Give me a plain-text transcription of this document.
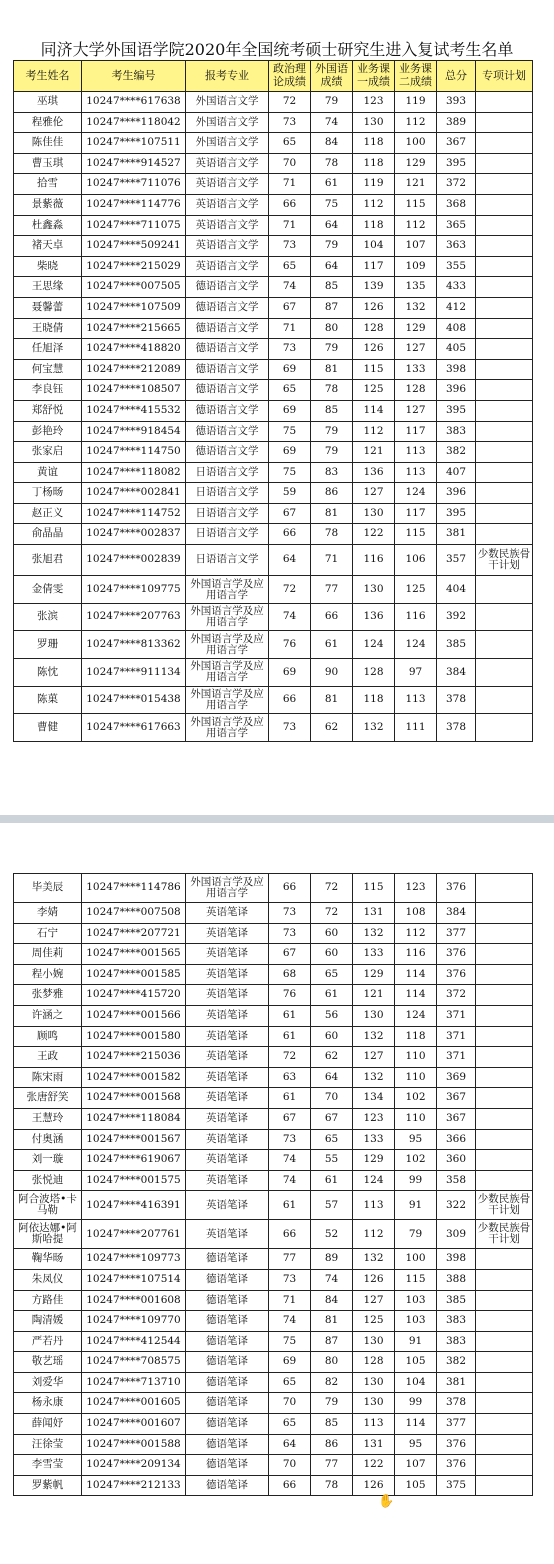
同济大学外国语学院2020年全国统考硕士研究生进入复试考生名单
考生姓名	考生编号	报考专业	政治理论成绩	外国语成绩	业务课一成绩	业务课二成绩	总分	专项计划
巫琪	10247****617638	外国语言文学	72	79	123	119	393	
程雅伦	10247****118042	外国语言文学	73	74	130	112	389	
陈佳佳	10247****107511	外国语言文学	65	84	118	100	367	
曹玉琪	10247****914527	英语语言文学	70	78	118	129	395	
拾雪	10247****711076	英语语言文学	71	61	119	121	372	
景紫薇	10247****114776	英语语言文学	66	75	112	115	368	
杜鑫淼	10247****711075	英语语言文学	71	64	118	112	365	
褚天卓	10247****509241	英语语言文学	73	79	104	107	363	
柴晓	10247****215029	英语语言文学	65	64	117	109	355	
王思缘	10247****007505	德语语言文学	74	85	139	135	433	
聂馨蕾	10247****107509	德语语言文学	67	87	126	132	412	
王晓倩	10247****215665	德语语言文学	71	80	128	129	408	
任旭泽	10247****418820	德语语言文学	73	79	126	127	405	
何宝慧	10247****212089	德语语言文学	69	81	115	133	398	
李良钰	10247****108507	德语语言文学	65	78	125	128	396	
郑舒悦	10247****415532	德语语言文学	69	85	114	127	395	
彭艳玲	10247****918454	德语语言文学	75	79	112	117	383	
张家启	10247****114750	德语语言文学	69	79	121	113	382	
黄谊	10247****118082	日语语言文学	75	83	136	113	407	
丁杨旸	10247****002841	日语语言文学	59	86	127	124	396	
赵正义	10247****114752	日语语言文学	67	81	130	117	395	
俞晶晶	10247****002837	日语语言文学	66	78	122	115	381	
张旭君	10247****002839	日语语言文学	64	71	116	106	357	少数民族骨干计划
金倩雯	10247****109775	外国语言学及应用语言学	72	77	130	125	404	
张滨	10247****207763	外国语言学及应用语言学	74	66	136	116	392	
罗珊	10247****813362	外国语言学及应用语言学	76	61	124	124	385	
陈忱	10247****911134	外国语言学及应用语言学	69	90	128	97	384	
陈菓	10247****015438	外国语言学及应用语言学	66	81	118	113	378	
曹健	10247****617663	外国语言学及应用语言学	73	62	132	111	378	
毕美辰	10247****114786	外国语言学及应用语言学	66	72	115	123	376	
李婧	10247****007508	英语笔译	73	72	131	108	384	
石宁	10247****207721	英语笔译	73	60	132	112	377	
周佳莉	10247****001565	英语笔译	67	60	133	116	376	
程小婉	10247****001585	英语笔译	68	65	129	114	376	
张梦雅	10247****415720	英语笔译	76	61	121	114	372	
许涵之	10247****001566	英语笔译	61	56	130	124	371	
顾鸣	10247****001580	英语笔译	61	60	132	118	371	
王政	10247****215036	英语笔译	72	62	127	110	371	
陈宋雨	10247****001582	英语笔译	63	64	132	110	369	
张唐舒笑	10247****001568	英语笔译	61	70	134	102	367	
王慧玲	10247****118084	英语笔译	67	67	123	110	367	
付奥涵	10247****001567	英语笔译	73	65	133	95	366	
刘一璇	10247****619067	英语笔译	74	55	129	102	360	
张悦迪	10247****001575	英语笔译	74	61	124	99	358	
阿合波塔•卡马勒	10247****416391	英语笔译	61	57	113	91	322	少数民族骨干计划
阿依达娜•阿斯哈提	10247****207761	英语笔译	66	52	112	79	309	少数民族骨干计划
鞠华旸	10247****109773	德语笔译	77	89	132	100	398	
朱凤仪	10247****107514	德语笔译	73	74	126	115	388	
方路佳	10247****001608	德语笔译	71	84	127	103	385	
陶清媛	10247****109770	德语笔译	74	81	125	103	383	
严若丹	10247****412544	德语笔译	75	87	130	91	383	
敬艺瑶	10247****708575	德语笔译	69	80	128	105	382	
刘爱华	10247****713710	德语笔译	65	82	130	104	381	
杨永康	10247****001605	德语笔译	70	79	130	99	378	
薛闻妤	10247****001607	德语笔译	65	85	113	114	377	
汪徐莹	10247****001588	德语笔译	64	86	131	95	376	
李雪莹	10247****209134	德语笔译	70	77	122	107	376	
罗紫帆	10247****212133	德语笔译	66	78	126	105	375	
✋
